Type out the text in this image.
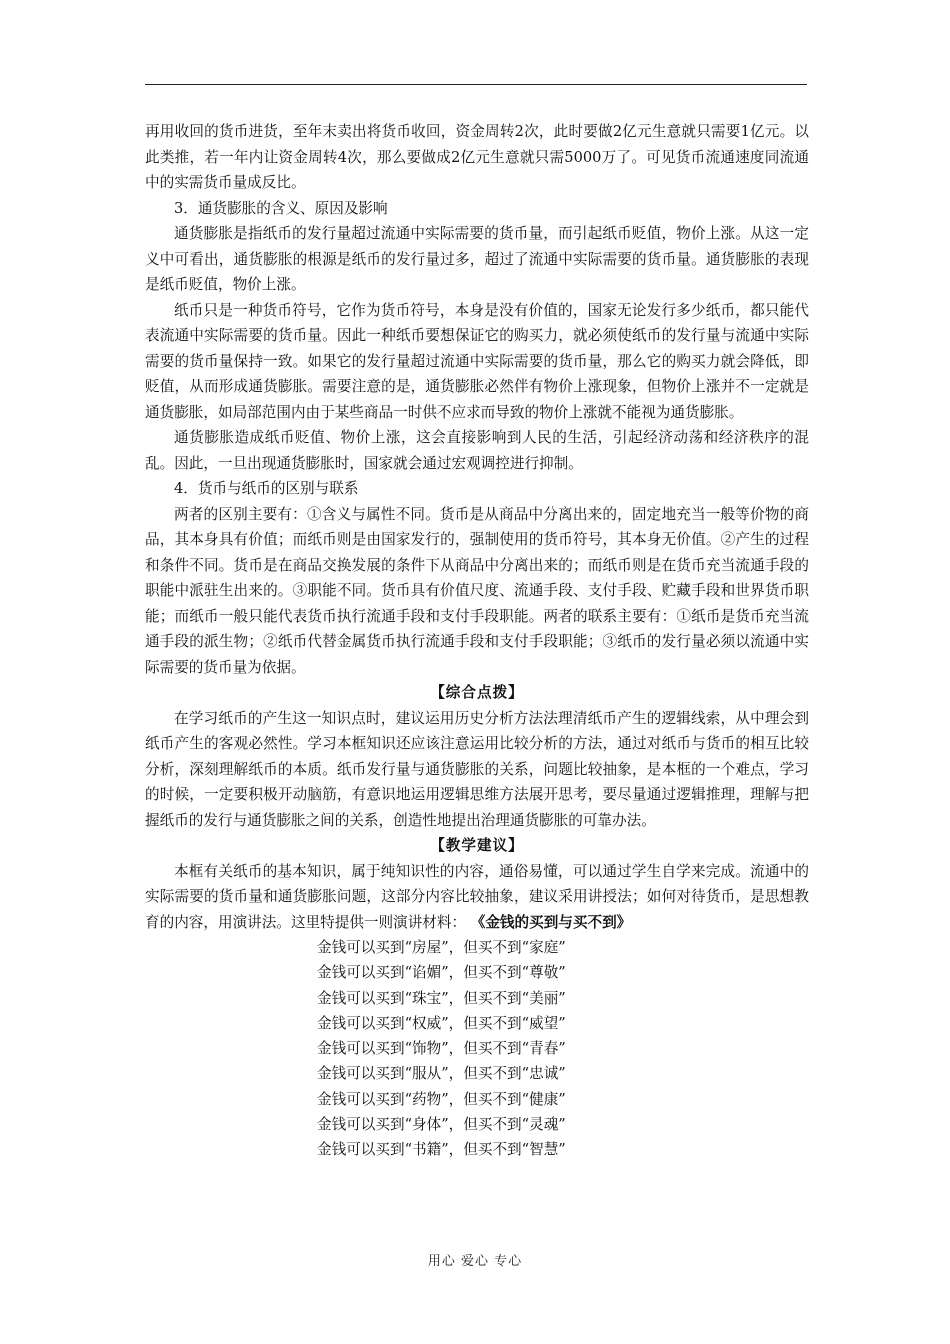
再用收回的货币进货，至年末卖出将货币收回，资金周转2次，此时要做2亿元生意就只需要1亿元。以此类推，若一年内让资金周转4次，那么要做成2亿元生意就只需5000万了。可见货币流通速度同流通中的实需货币量成反比。

3．通货膨胀的含义、原因及影响

通货膨胀是指纸币的发行量超过流通中实际需要的货币量，而引起纸币贬值，物价上涨。从这一定义中可看出，通货膨胀的根源是纸币的发行量过多，超过了流通中实际需要的货币量。通货膨胀的表现是纸币贬值，物价上涨。

纸币只是一种货币符号，它作为货币符号，本身是没有价值的，国家无论发行多少纸币，都只能代表流通中实际需要的货币量。因此一种纸币要想保证它的购买力，就必须使纸币的发行量与流通中实际需要的货币量保持一致。如果它的发行量超过流通中实际需要的货币量，那么它的购买力就会降低，即贬值，从而形成通货膨胀。需要注意的是，通货膨胀必然伴有物价上涨现象，但物价上涨并不一定就是通货膨胀，如局部范围内由于某些商品一时供不应求而导致的物价上涨就不能视为通货膨胀。

通货膨胀造成纸币贬值、物价上涨，这会直接影响到人民的生活，引起经济动荡和经济秩序的混乱。因此，一旦出现通货膨胀时，国家就会通过宏观调控进行抑制。

4．货币与纸币的区别与联系

两者的区别主要有：①含义与属性不同。货币是从商品中分离出来的，固定地充当一般等价物的商品，其本身具有价值；而纸币则是由国家发行的，强制使用的货币符号，其本身无价值。②产生的过程和条件不同。货币是在商品交换发展的条件下从商品中分离出来的；而纸币则是在货币充当流通手段的职能中派驻生出来的。③职能不同。货币具有价值尺度、流通手段、支付手段、贮藏手段和世界货币职能；而纸币一般只能代表货币执行流通手段和支付手段职能。两者的联系主要有：①纸币是货币充当流通手段的派生物；②纸币代替金属货币执行流通手段和支付手段职能；③纸币的发行量必须以流通中实际需要的货币量为依据。

【综合点拨】

在学习纸币的产生这一知识点时，建议运用历史分析方法法理清纸币产生的逻辑线索，从中理会到纸币产生的客观必然性。学习本框知识还应该注意运用比较分析的方法，通过对纸币与货币的相互比较分析，深刻理解纸币的本质。纸币发行量与通货膨胀的关系，问题比较抽象，是本框的一个难点，学习的时候，一定要积极开动脑筋，有意识地运用逻辑思维方法展开思考，要尽量通过逻辑推理，理解与把握纸币的发行与通货膨胀之间的关系，创造性地提出治理通货膨胀的可靠办法。

【教学建议】

本框有关纸币的基本知识，属于纯知识性的内容，通俗易懂，可以通过学生自学来完成。流通中的实际需要的货币量和通货膨胀问题，这部分内容比较抽象，建议采用讲授法；如何对待货币，是思想教育的内容，用演讲法。这里特提供一则演讲材料： 《金钱的买到与买不到》

金钱可以买到“房屋”，但买不到“家庭”
金钱可以买到“谄媚”，但买不到“尊敬”
金钱可以买到“珠宝”，但买不到“美丽”
金钱可以买到“权威”，但买不到“威望”
金钱可以买到“饰物”，但买不到“青春”
金钱可以买到“服从”，但买不到“忠诚”
金钱可以买到“药物”，但买不到“健康”
金钱可以买到“身体”，但买不到“灵魂”
金钱可以买到“书籍”，但买不到“智慧”
用心 爱心 专心
